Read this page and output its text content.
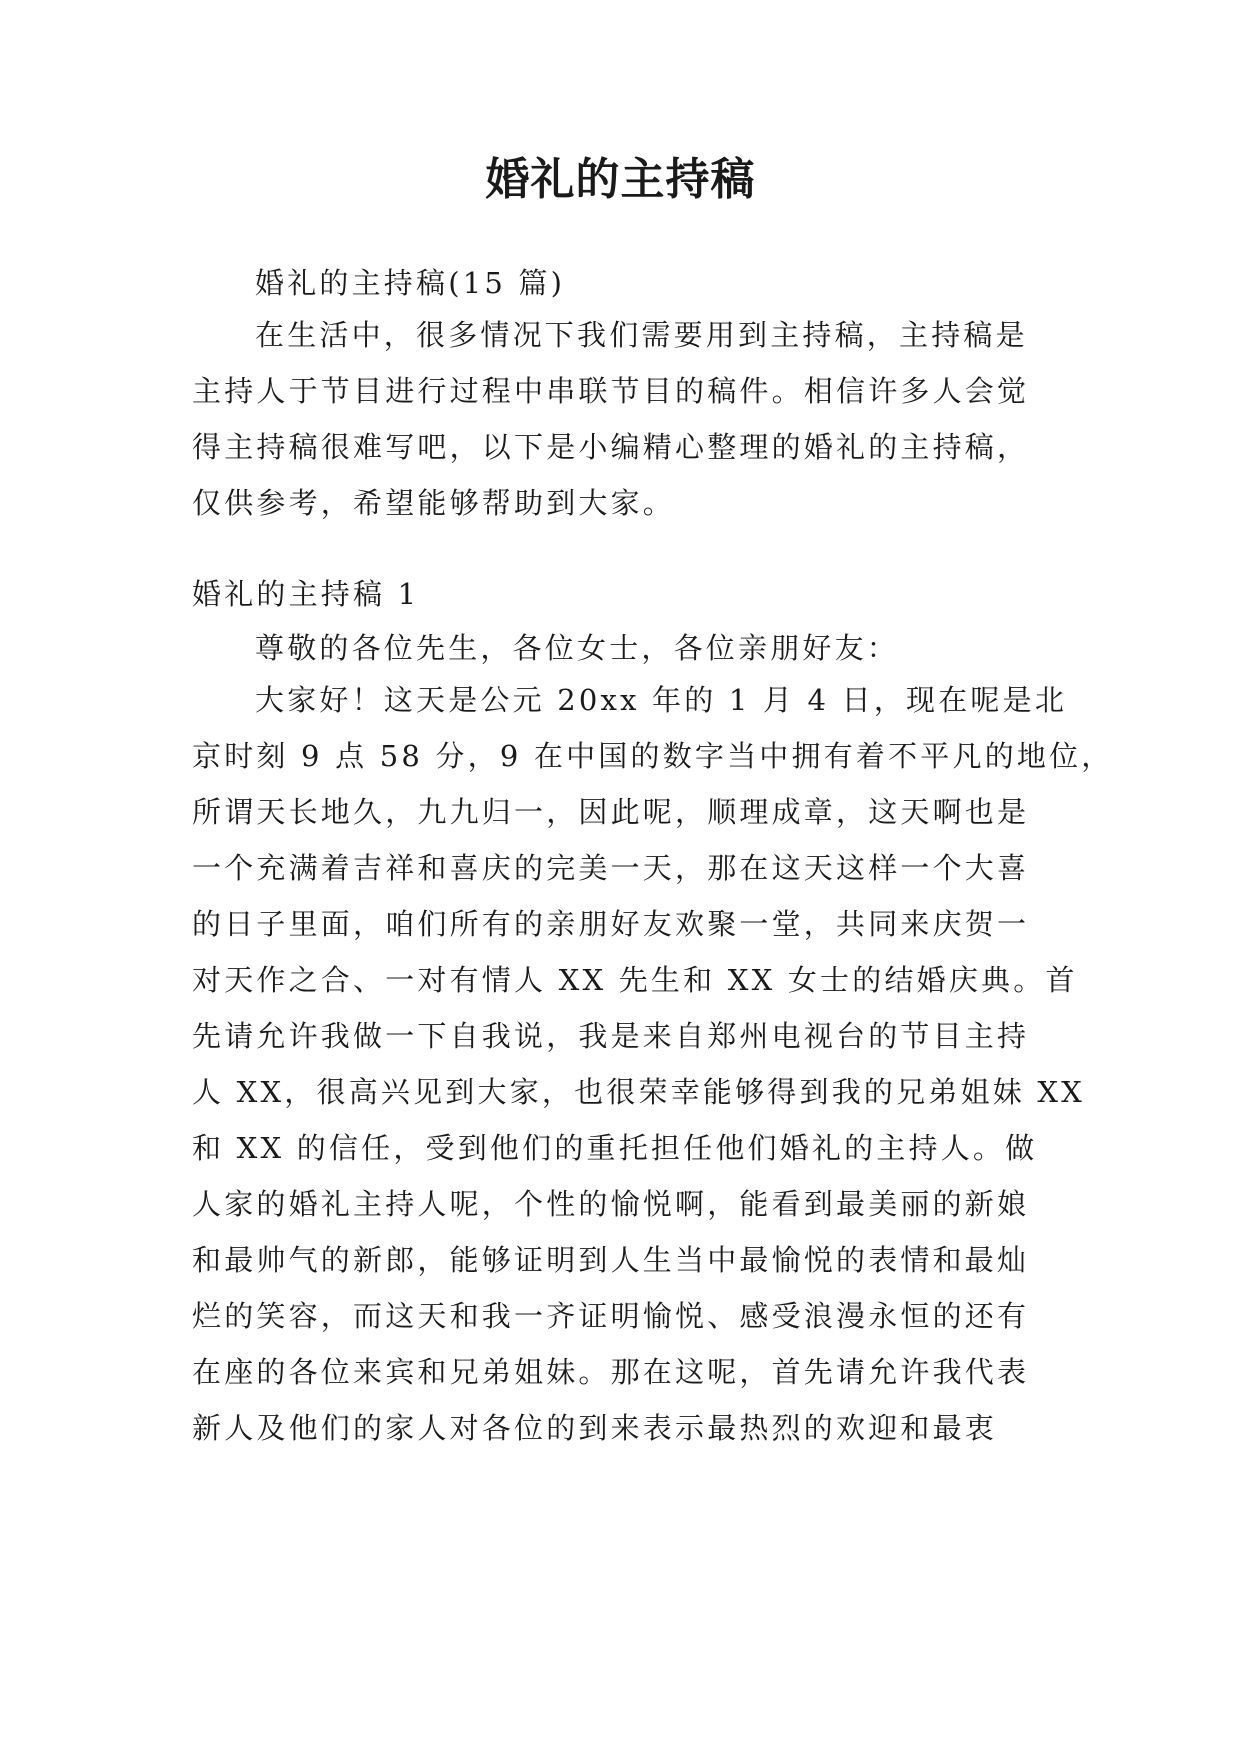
婚礼的主持稿

婚礼的主持稿(15 篇)

在生活中，很多情况下我们需要用到主持稿，主持稿是
主持人于节目进行过程中串联节目的稿件。相信许多人会觉
得主持稿很难写吧，以下是小编精心整理的婚礼的主持稿，
仅供参考，希望能够帮助到大家。

婚礼的主持稿 1

尊敬的各位先生，各位女士，各位亲朋好友：

大家好！这天是公元 20xx 年的 1 月 4 日，现在呢是北
京时刻 9 点 58 分，9 在中国的数字当中拥有着不平凡的地位，
所谓天长地久，九九归一，因此呢，顺理成章，这天啊也是
一个充满着吉祥和喜庆的完美一天，那在这天这样一个大喜
的日子里面，咱们所有的亲朋好友欢聚一堂，共同来庆贺一
对天作之合、一对有情人 XX 先生和 XX 女士的结婚庆典。首
先请允许我做一下自我说，我是来自郑州电视台的节目主持
人 XX，很高兴见到大家，也很荣幸能够得到我的兄弟姐妹 XX
和 XX 的信任，受到他们的重托担任他们婚礼的主持人。做
人家的婚礼主持人呢，个性的愉悦啊，能看到最美丽的新娘
和最帅气的新郎，能够证明到人生当中最愉悦的表情和最灿
烂的笑容，而这天和我一齐证明愉悦、感受浪漫永恒的还有
在座的各位来宾和兄弟姐妹。那在这呢，首先请允许我代表
新人及他们的家人对各位的到来表示最热烈的欢迎和最衷
